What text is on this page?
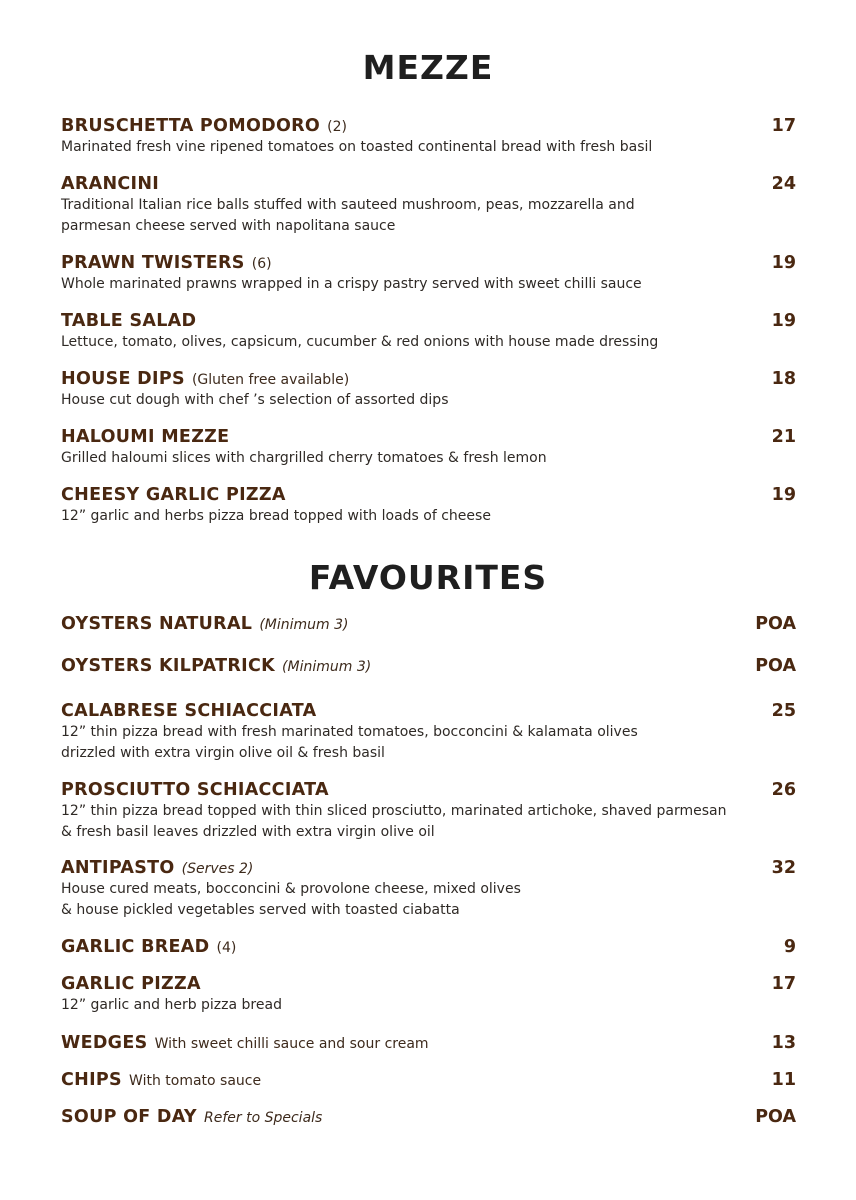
MEZZE
BRUSCHETTA POMODORO (2)	17

Marinated fresh vine ripened tomatoes on toasted continental bread with fresh basil

ARANCINI	24

Traditional Italian rice balls stuffed with sauteed mushroom, peas, mozzarella and

parmesan cheese served with napolitana sauce

PRAWN TWISTERS (6)	19

Whole marinated prawns wrapped in a crispy pastry served with sweet chilli sauce

TABLE SALAD	19

Lettuce, tomato, olives, capsicum, cucumber & red onions with house made dressing

HOUSE DIPS (Gluten free available)	18

House cut dough with chef ’s selection of assorted dips

HALOUMI MEZZE	21

Grilled haloumi slices with chargrilled cherry tomatoes & fresh lemon

CHEESY GARLIC PIZZA	19

12” garlic and herbs pizza bread topped with loads of cheese

FAVOURITES
OYSTERS NATURAL (Minimum 3)	POA
OYSTERS KILPATRICK (Minimum 3)	POA
CALABRESE SCHIACCIATA	25

12” thin pizza bread with fresh marinated tomatoes, bocconcini & kalamata olives

drizzled with extra virgin olive oil & fresh basil

PROSCIUTTO SCHIACCIATA	26

12” thin pizza bread topped with thin sliced prosciutto, marinated artichoke, shaved parmesan

& fresh basil leaves drizzled with extra virgin olive oil

ANTIPASTO (Serves 2)	32

House cured meats, bocconcini & provolone cheese, mixed olives

& house pickled vegetables served with toasted ciabatta

GARLIC BREAD (4)	9
GARLIC PIZZA	17

12” garlic and herb pizza bread

WEDGES With sweet chilli sauce and sour cream	13
CHIPS With tomato sauce	11
SOUP OF DAY Refer to Specials	POA
